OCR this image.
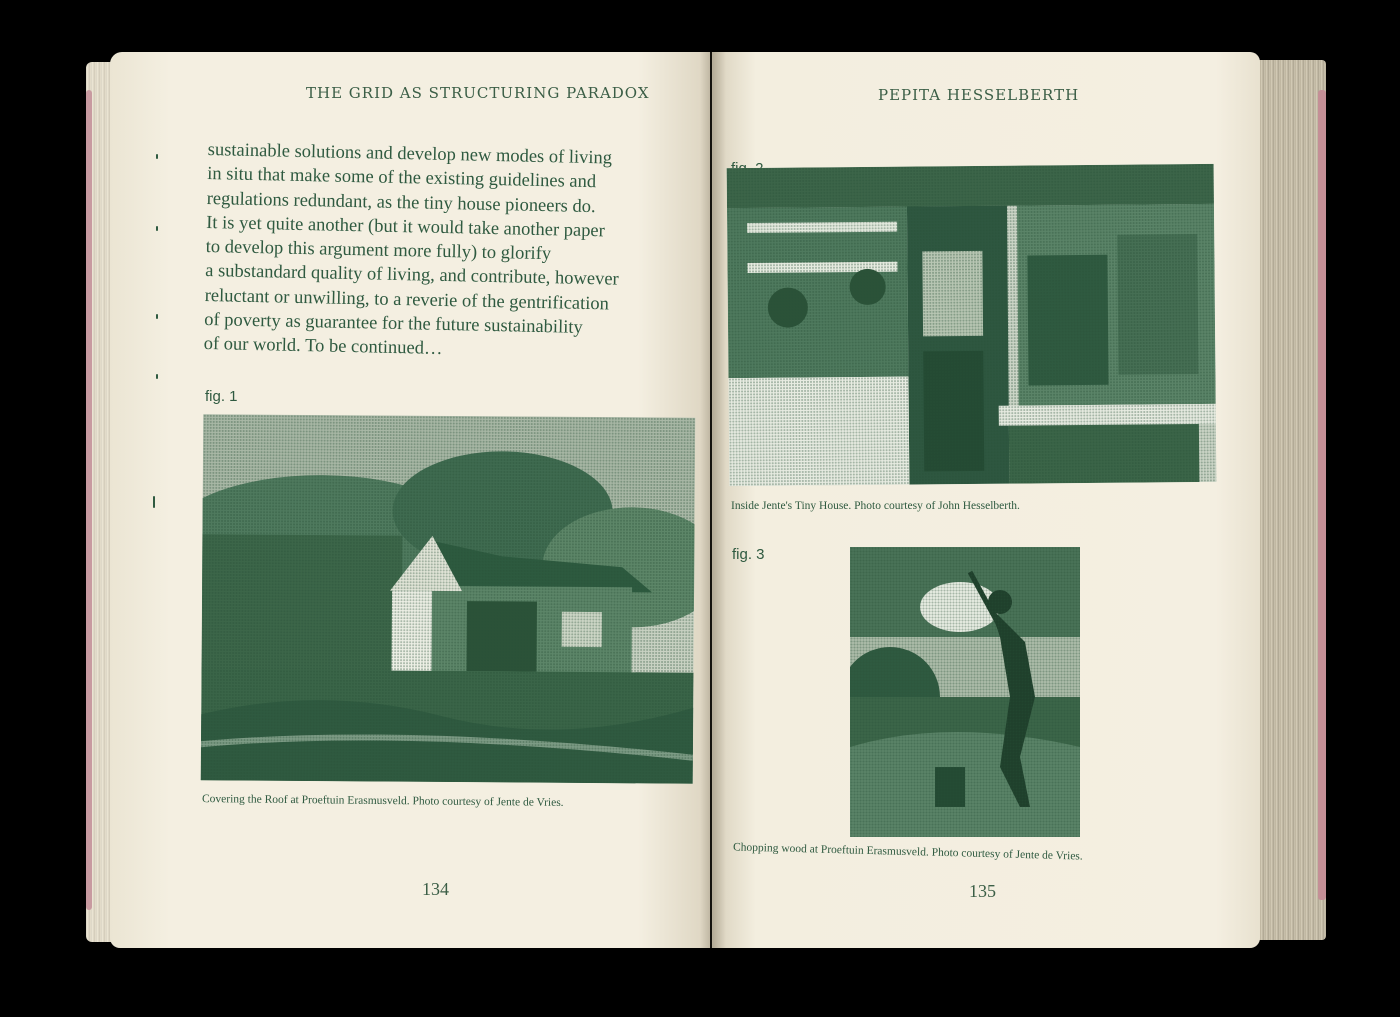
THE GRID AS STRUCTURING PARADOX
sustainable solutions and develop new modes of living
in situ that make some of the existing guidelines and
regulations redundant, as the tiny house pioneers do.
It is yet quite another (but it would take another paper
to develop this argument more fully) to glorify
a substandard quality of living, and contribute, however
reluctant or unwilling, to a reverie of the gentrification
of poverty as guarantee for the future sustainability
of our world. To be continued…
fig. 1
Covering the Roof at Proeftuin Erasmusveld. Photo courtesy of Jente de Vries.
134
PEPITA HESSELBERTH
Inside Jente's Tiny House. Photo courtesy of John Hesselberth.
fig. 3
Chopping wood at Proeftuin Erasmusveld. Photo courtesy of Jente de Vries.
135
